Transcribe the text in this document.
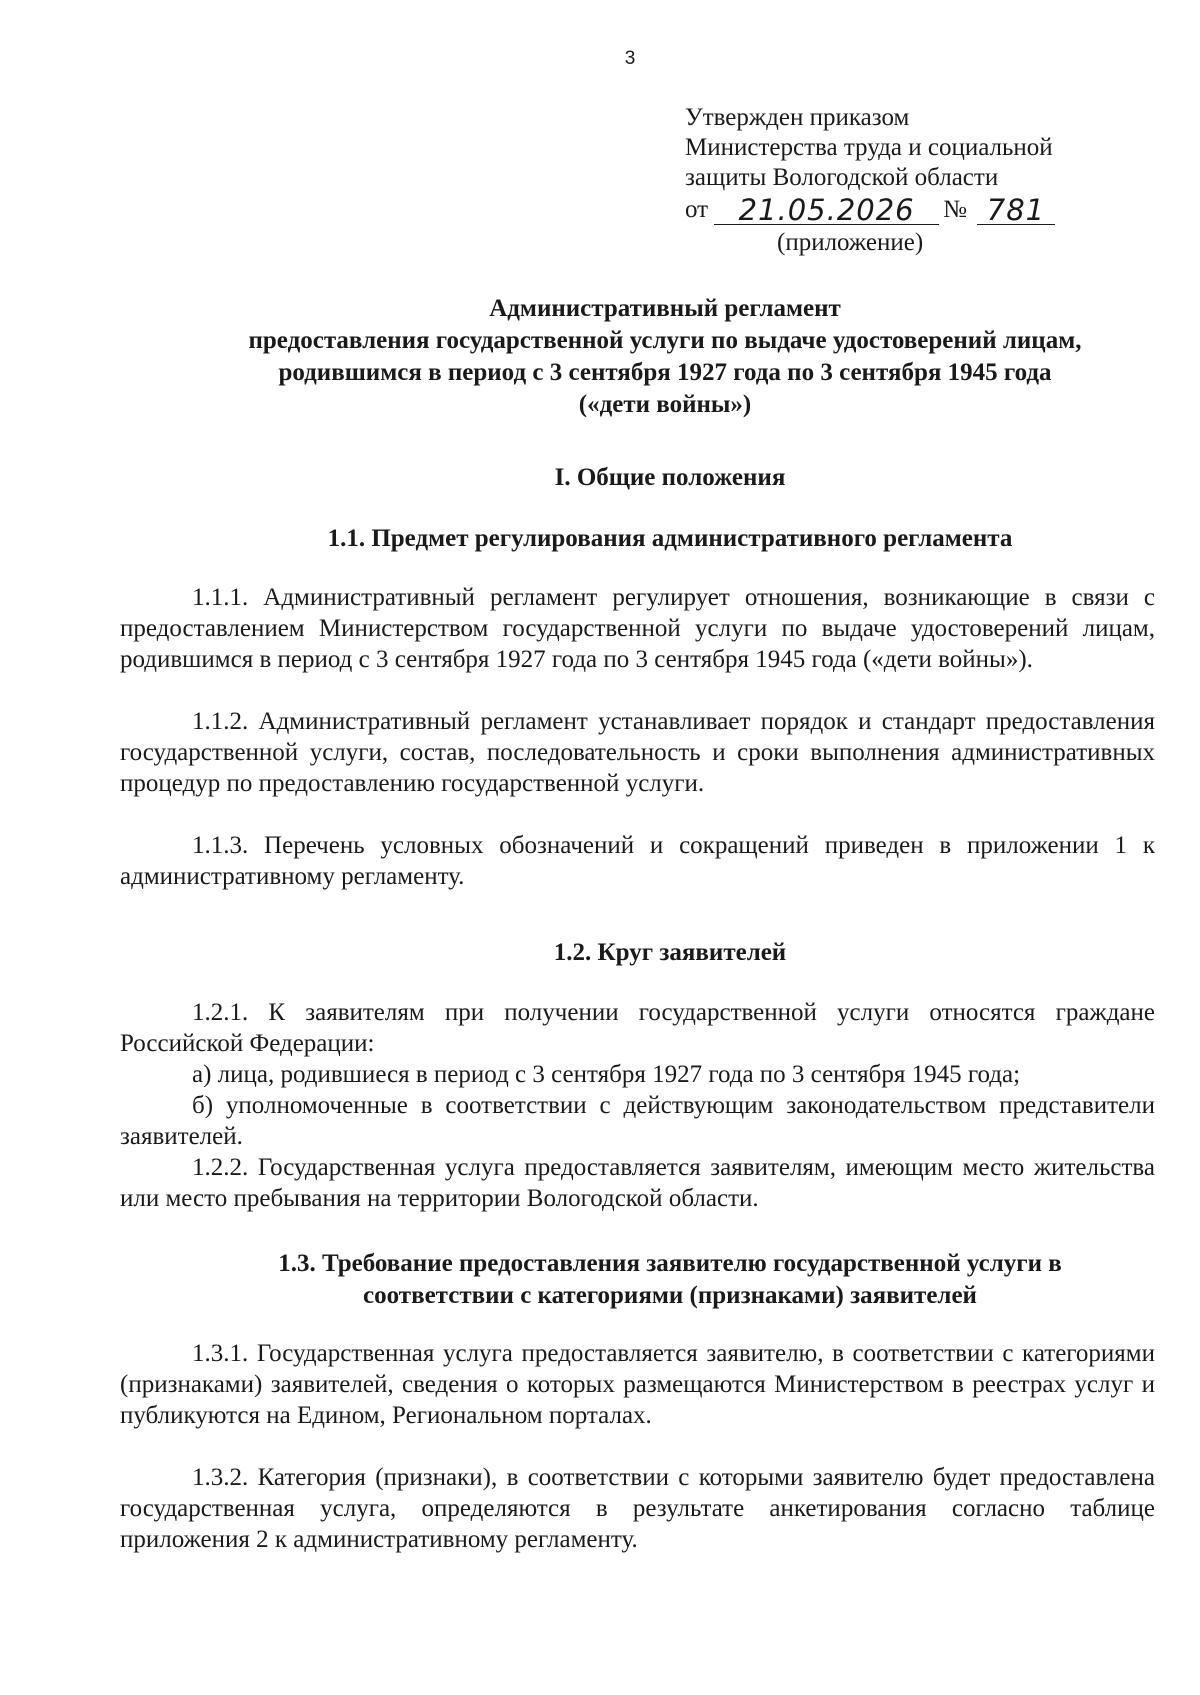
3
Утвержден приказом
Министерства труда и социальной
защиты Вологодской области
от	21.05.2026	№ 781
(приложение)
Административный регламент
предоставления государственной услуги по выдаче удостоверений лицам,
родившимся в период с 3 сентября 1927 года по 3 сентября 1945 года
(«дети войны»)
I. Общие положения
1.1. Предмет регулирования административного регламента
1.1.1. Административный регламент регулирует отношения, возникающие в связи с предоставлением Министерством государственной услуги по выдаче удостоверений лицам, родившимся в период с 3 сентября 1927 года по 3 сентября 1945 года («дети войны»).
1.1.2. Административный регламент устанавливает порядок и стандарт предоставления государственной услуги, состав, последовательность и сроки выполнения административных процедур по предоставлению государственной услуги.
1.1.3. Перечень условных обозначений и сокращений приведен в приложении 1 к административному регламенту.
1.2. Круг заявителей
1.2.1. К заявителям при получении государственной услуги относятся граждане Российской Федерации:
а) лица, родившиеся в период с 3 сентября 1927 года по 3 сентября 1945 года;
б) уполномоченные в соответствии с действующим законодательством представители заявителей.
1.2.2. Государственная услуга предоставляется заявителям, имеющим место жительства или место пребывания на территории Вологодской области.
1.3. Требование предоставления заявителю государственной услуги в
соответствии с категориями (признаками) заявителей
1.3.1. Государственная услуга предоставляется заявителю, в соответствии с категориями (признаками) заявителей, сведения о которых размещаются Министерством в реестрах услуг и публикуются на Едином, Региональном порталах.
1.3.2. Категория (признаки), в соответствии с которыми заявителю будет предоставлена государственная услуга, определяются в результате анкетирования согласно таблице приложения 2 к административному регламенту.
